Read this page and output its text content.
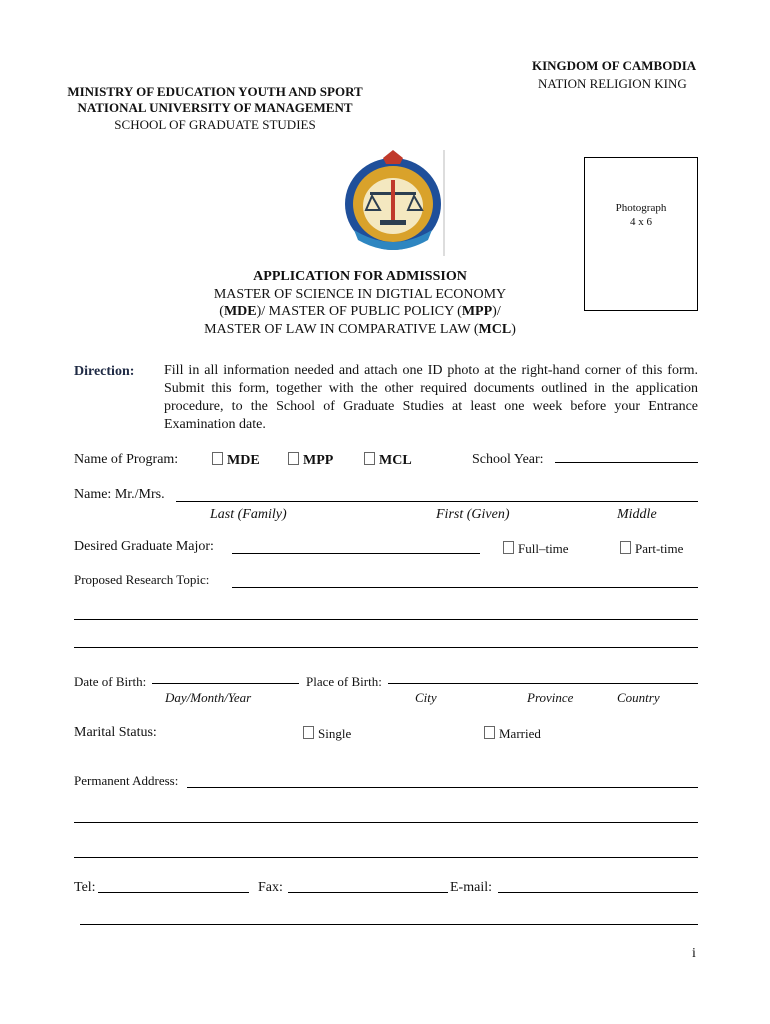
KINGDOM OF CAMBODIA
NATION RELIGION KING
MINISTRY OF EDUCATION YOUTH AND SPORT
NATIONAL UNIVERSITY OF MANAGEMENT
SCHOOL OF GRADUATE STUDIES
Photograph
4 x 6
APPLICATION FOR ADMISSION
MASTER OF SCIENCE IN DIGTIAL ECONOMY
(MDE)/ MASTER OF PUBLIC POLICY (MPP)/
MASTER OF LAW IN COMPARATIVE LAW (MCL)
Direction: Fill in all information needed and attach one ID photo at the right-hand corner of this form. Submit this form, together with the other required documents outlined in the application procedure, to the School of Graduate Studies at least one week before your Entrance Examination date.
Name of Program:	MDE	MPP	MCL	School Year:
Name: Mr./Mrs.
Last (Family)	First (Given)	Middle
Desired Graduate Major:	Full–time	Part-time
Proposed Research Topic:
Date of Birth:
Day/Month/Year
Place of Birth:
City	Province	Country
Marital Status:	Single	Married
Permanent Address:
Tel:	Fax:	E-mail:
i
